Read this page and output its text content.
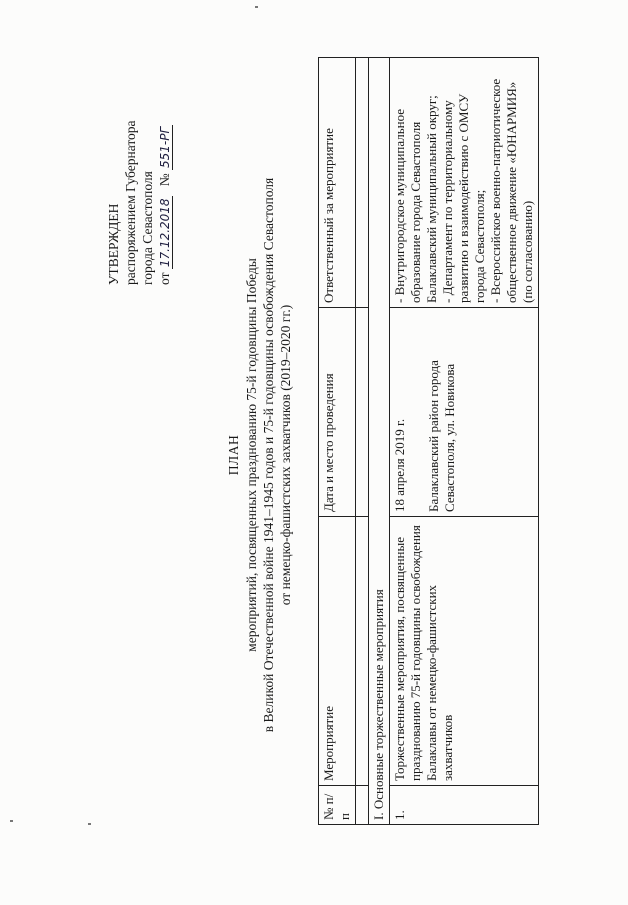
УТВЕРЖДЕН распоряжением Губернатора города Севастополя от 17.12.2018   № 551-РГ
ПЛАН мероприятий, посвященных празднованию 75-й годовщины Победы в Великой Отечественной войне 1941–1945 годов и 75-й годовщины освобождения Севастополя от немецко-фашистских захватчиков (2019–2020 гг.)
№ п/п	Мероприятие	Дата и место проведения	Ответственный за мероприятие

I. Основные торжественные мероприятия			
1.	Торжественные мероприятия, посвященные празднованию 75-й годовщины освобождения Балаклавы от немецко-фашистских захватчиков	18 апреля 2019 г. Балаклавский район города Севастополя, ул. Новикова	- Внутригородское муниципальное образование города Севастополя Балаклавский муниципальный округ; - Департамент по территориальному развитию и взаимодействию с ОМСУ города Севастополя; - Всероссийское военно-патриотическое общественное движение «ЮНАРМИЯ» (по согласованию)
